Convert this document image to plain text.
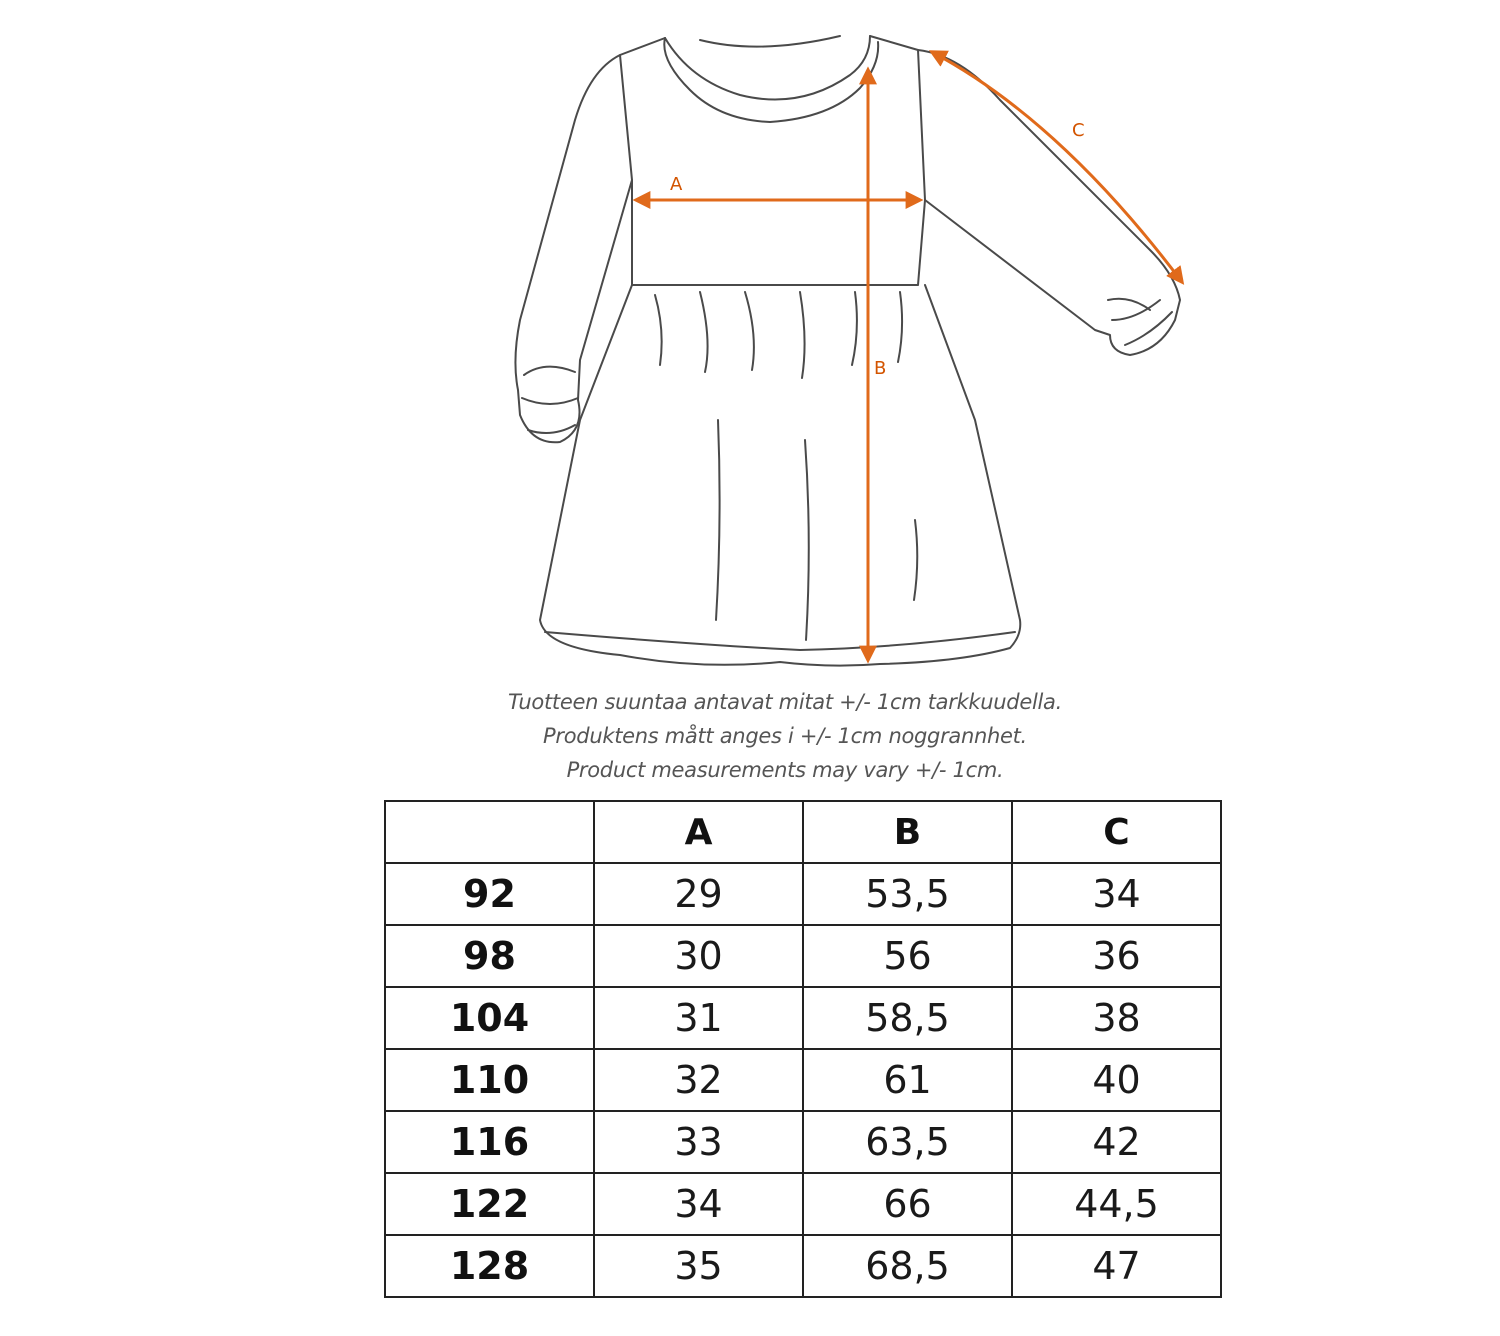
A
B
C
Tuotteen suuntaa antavat mitat +/- 1cm tarkkuudella.
Produktens mått anges i +/- 1cm noggrannhet.
Product measurements may vary +/- 1cm.
	A	B	C
92	29	53,5	34
98	30	56	36
104	31	58,5	38
110	32	61	40
116	33	63,5	42
122	34	66	44,5
128	35	68,5	47
